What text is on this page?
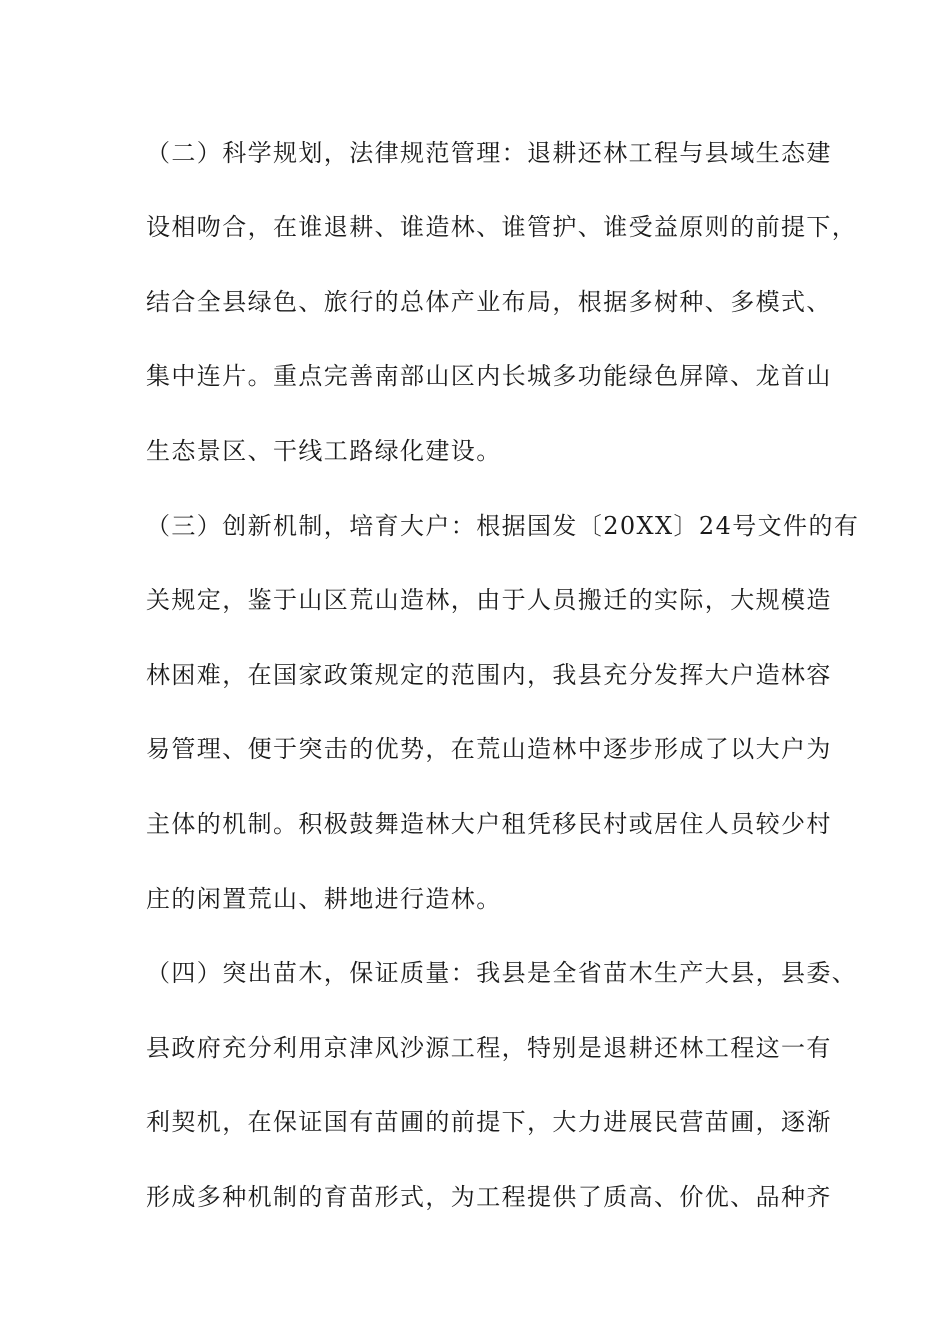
（二）科学规划，法律规范管理：退耕还林工程与县域生态建
设相吻合，在谁退耕、谁造林、谁管护、谁受益原则的前提下，
结合全县绿色、旅行的总体产业布局，根据多树种、多模式、
集中连片。重点完善南部山区内长城多功能绿色屏障、龙首山
生态景区、干线工路绿化建设。
（三）创新机制，培育大户：根据国发〔20XX〕24号文件的有
关规定，鉴于山区荒山造林，由于人员搬迁的实际，大规模造
林困难，在国家政策规定的范围内，我县充分发挥大户造林容
易管理、便于突击的优势，在荒山造林中逐步形成了以大户为
主体的机制。积极鼓舞造林大户租凭移民村或居住人员较少村
庄的闲置荒山、耕地进行造林。
（四）突出苗木，保证质量：我县是全省苗木生产大县，县委、
县政府充分利用京津风沙源工程，特别是退耕还林工程这一有
利契机，在保证国有苗圃的前提下，大力进展民营苗圃，逐渐
形成多种机制的育苗形式，为工程提供了质高、价优、品种齐
